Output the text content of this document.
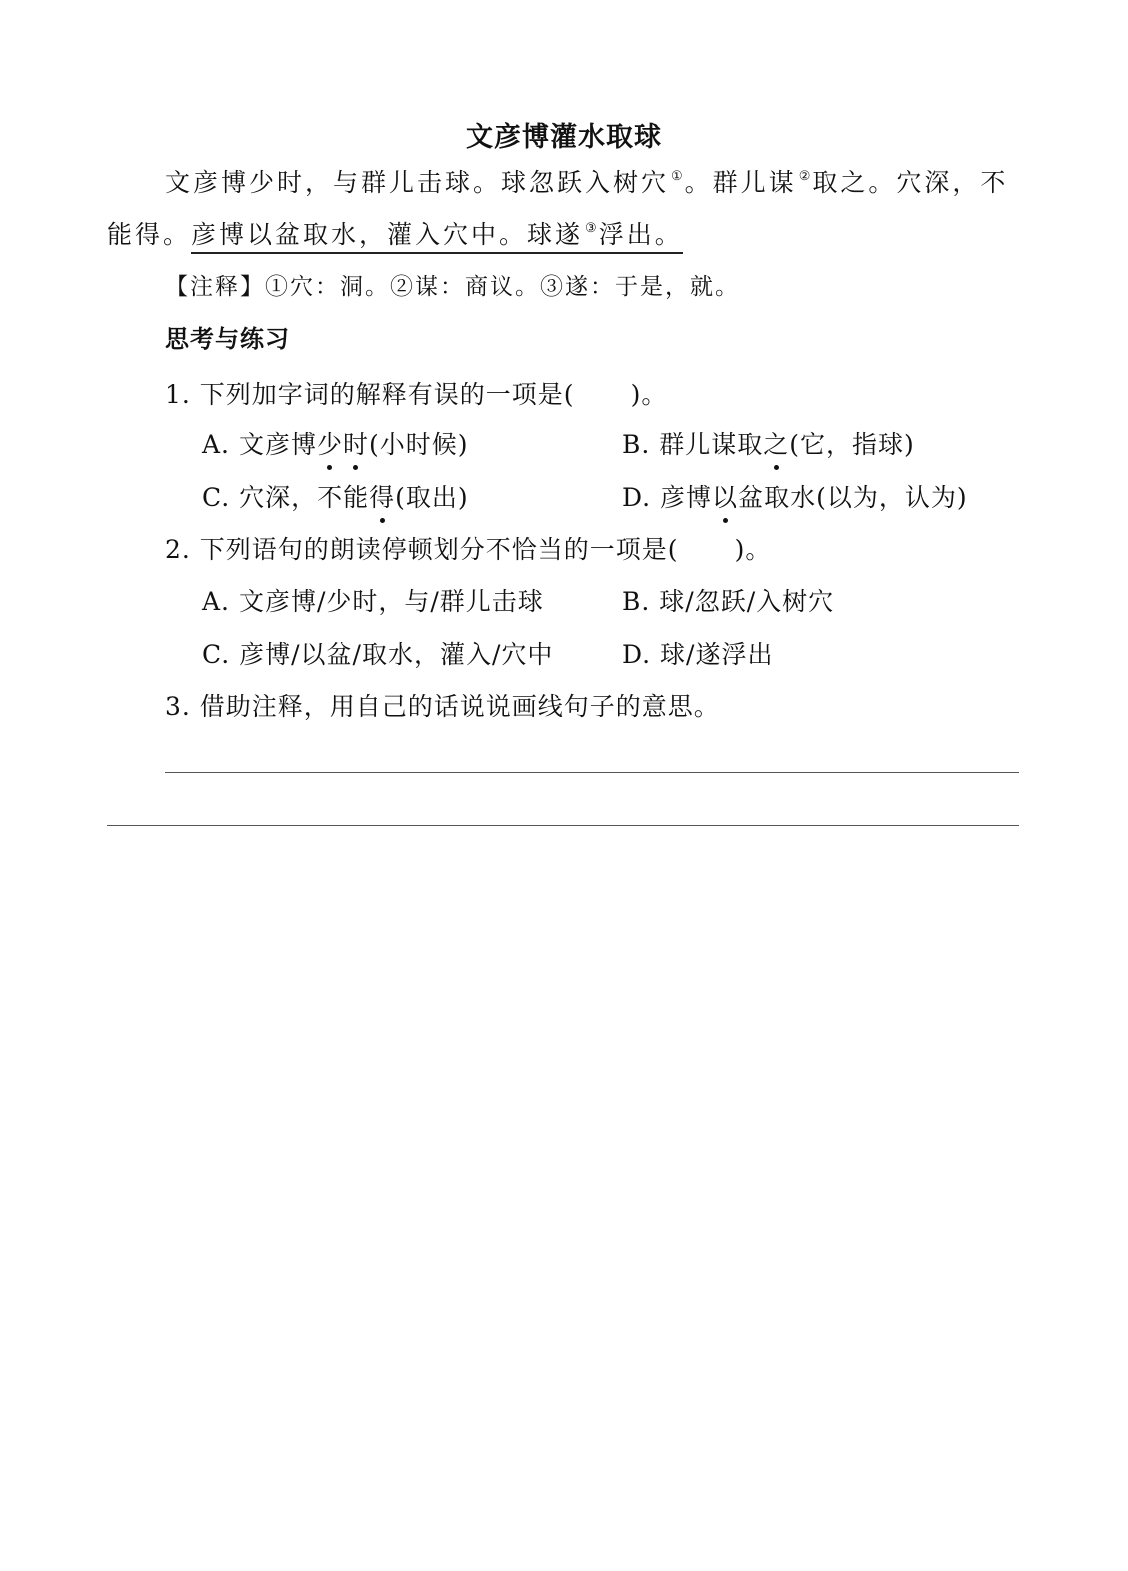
文彦博灌水取球
文彦博少时，与群儿击球。球忽跃入树穴 ①。群儿谋 ②取之。穴深，不
能得。彦博以盆取水，灌入穴中。球遂 ③浮出。
【注释】①穴：洞。②谋：商议。③遂：于是，就。
思考与练习
1. 下列加字词的解释有误的一项是( )。
A. 文彦博少时(小时候)	B. 群儿谋取之(它，指球)
C. 穴深，不能得(取出)	D. 彦博以盆取水(以为，认为)
2. 下列语句的朗读停顿划分不恰当的一项是( )。
A. 文彦博/少时，与/群儿击球	B. 球/忽跃/入树穴
C. 彦博/以盆/取水，灌入/穴中	D. 球/遂浮出
3. 借助注释，用自己的话说说画线句子的意思。
